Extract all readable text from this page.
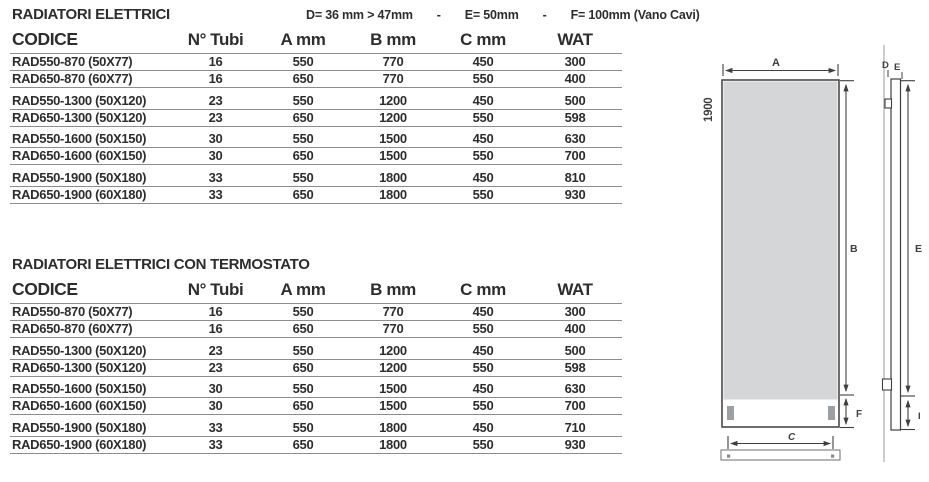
RADIATORI ELETTRICI	D= 36 mm > 47mm - E= 50mm - F= 100mm (Vano Cavi)
CODICE	N° Tubi	A mm	B mm	C mm	WAT
RAD550-870 (50X77)	16	550	770	450	300
RAD650-870 (60X77)	16	650	770	550	400

RAD550-1300 (50X120)	23	550	1200	450	500
RAD650-1300 (50X120)	23	650	1200	550	598

RAD550-1600 (50X150)	30	550	1500	450	630
RAD650-1600 (60X150)	30	650	1500	550	700

RAD550-1900 (50X180)	33	550	1800	450	810
RAD650-1900 (60X180)	33	650	1800	550	930
RADIATORI ELETTRICI CON TERMOSTATO
CODICE	N° Tubi	A mm	B mm	C mm	WAT
RAD550-870 (50X77)	16	550	770	450	300
RAD650-870 (60X77)	16	650	770	550	400

RAD550-1300 (50X120)	23	550	1200	450	500
RAD650-1300 (50X120)	23	650	1200	550	598

RAD550-1600 (50X150)	30	550	1500	450	630
RAD650-1600 (60X150)	30	650	1500	550	700

RAD550-1900 (50X180)	33	550	1800	450	710
RAD650-1900 (60X180)	33	650	1800	550	930
1900
A
B
F
C
D E
E
I
